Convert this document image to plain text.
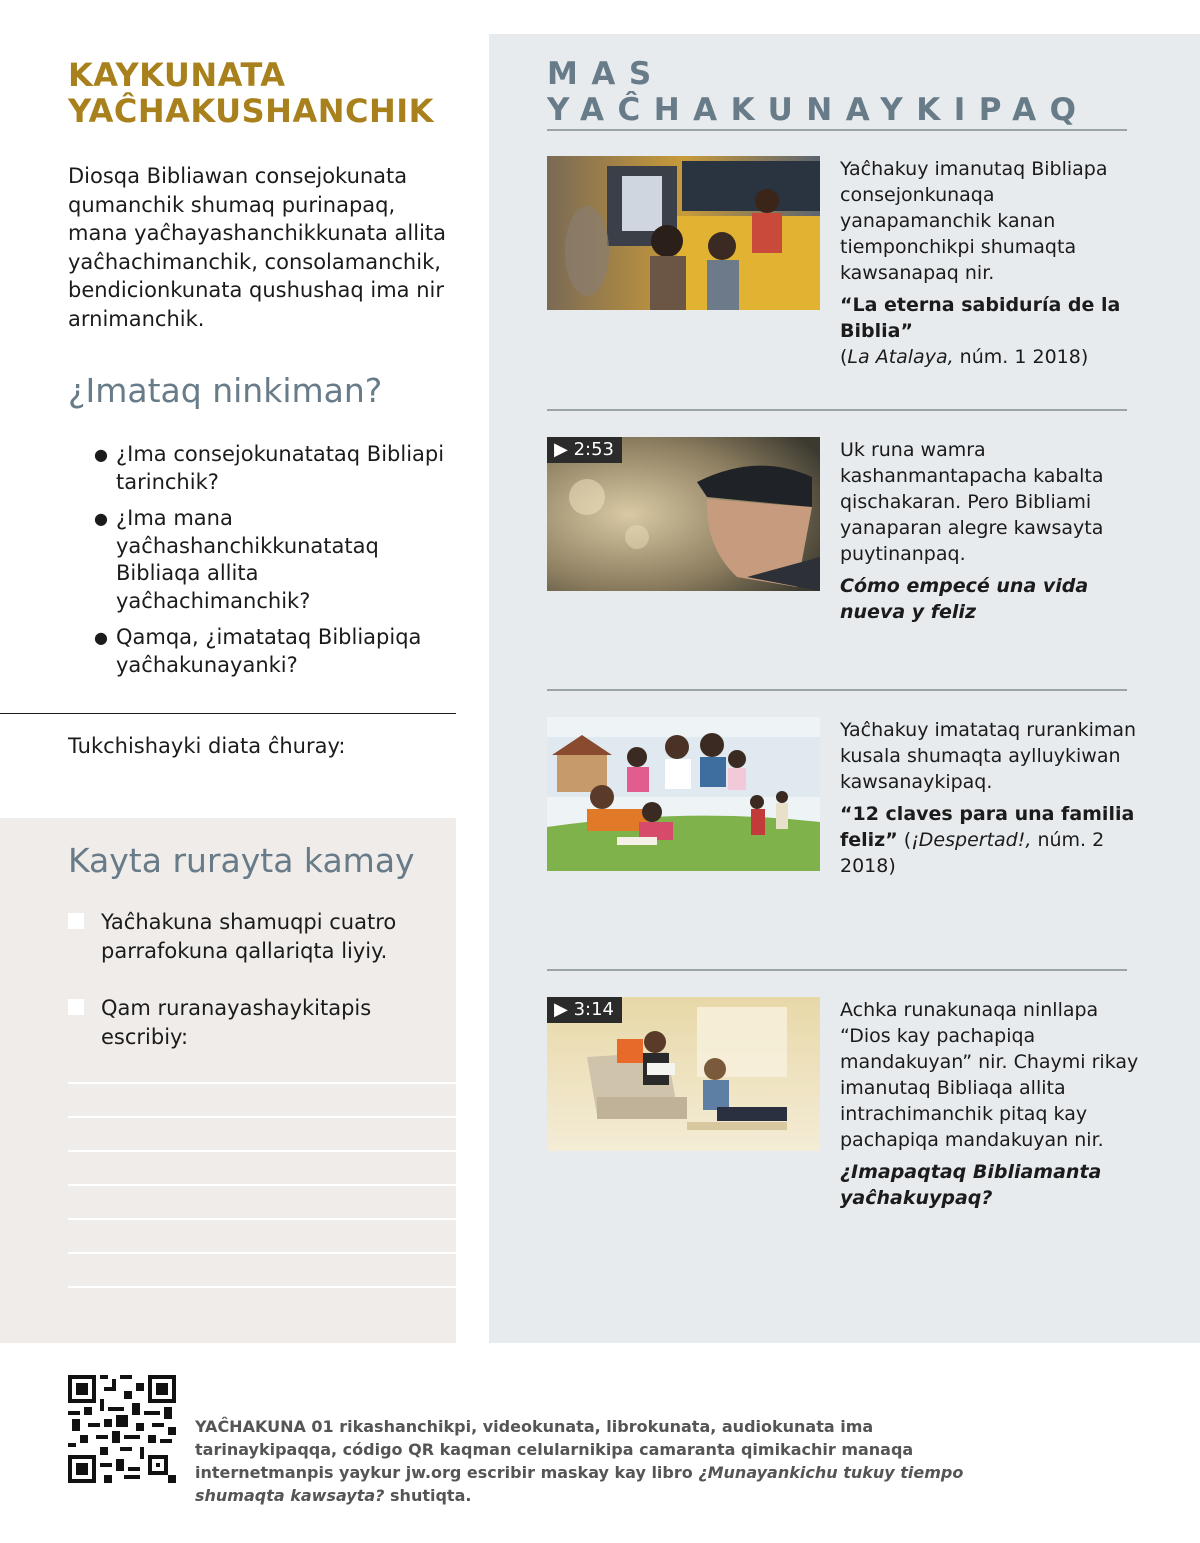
KAYKUNATA
YAĈHAKUSHANCHIK

Diosqa Bibliawan consejokunata qumanchik shumaq purinapaq, mana yaĉhayashanchikkunata allita yaĉhachimanchik, consolamanchik, bendicionkunata qushushaq ima nir arnimanchik.

¿Imataq ninkiman?
● ¿Ima consejokunatataq Bibliapi tarinchik?
● ¿Ima mana yaĉhashanchikkunatataq Bibliaqa allita yaĉhachimanchik?
● Qamqa, ¿imatataq Bibliapiqa yaĉhakunayanki?
Tukchishayki diata ĉhuray:
Kayta rurayta kamay
Yaĉhakuna shamuqpi cuatro parrafokuna qallariqta liyiy.
Qam ruranayashaykitapis escribiy:
MAS YAĈHAKUNAYKIPAQ

Yaĉhakuy imanutaq Bibliapa consejonkunaqa yanapamanchik kanan tiemponchikpi shumaqta kawsanapaq nir.

“La eterna sabiduría de la Biblia”

(La Atalaya, núm. 1 2018)

▶ 2:53	Uk runa wamra kashanmantapacha kabalta qischakaran. Pero Bibliami yanaparan alegre kawsayta puytinanpaq.

Cómo empecé una vida nueva y feliz

Yaĉhakuy imatataq rurankiman kusala shumaqta aylluykiwan kawsanaykipaq.

“12 claves para una familia feliz” (¡Despertad!, núm. 2 2018)

▶ 3:14	Achka runakunaqa ninllapa “Dios kay pachapiqa mandakuyan” nir. Chaymi rikay imanutaq Bibliaqa allita intrachimanchik pitaq kay pachapiqa mandakuyan nir.

¿Imapaqtaq Bibliamanta yaĉhakuypaq?

YAĈHAKUNA 01 rikashanchikpi, videokunata, librokunata, audiokunata ima tarinaykipaqqa, código QR kaqman celularnikipa camaranta qimikachir manaqa internetmanpis yaykur jw.org escribir maskay kay libro ¿Munayankichu tukuy tiempo shumaqta kawsayta? shutiqta.
